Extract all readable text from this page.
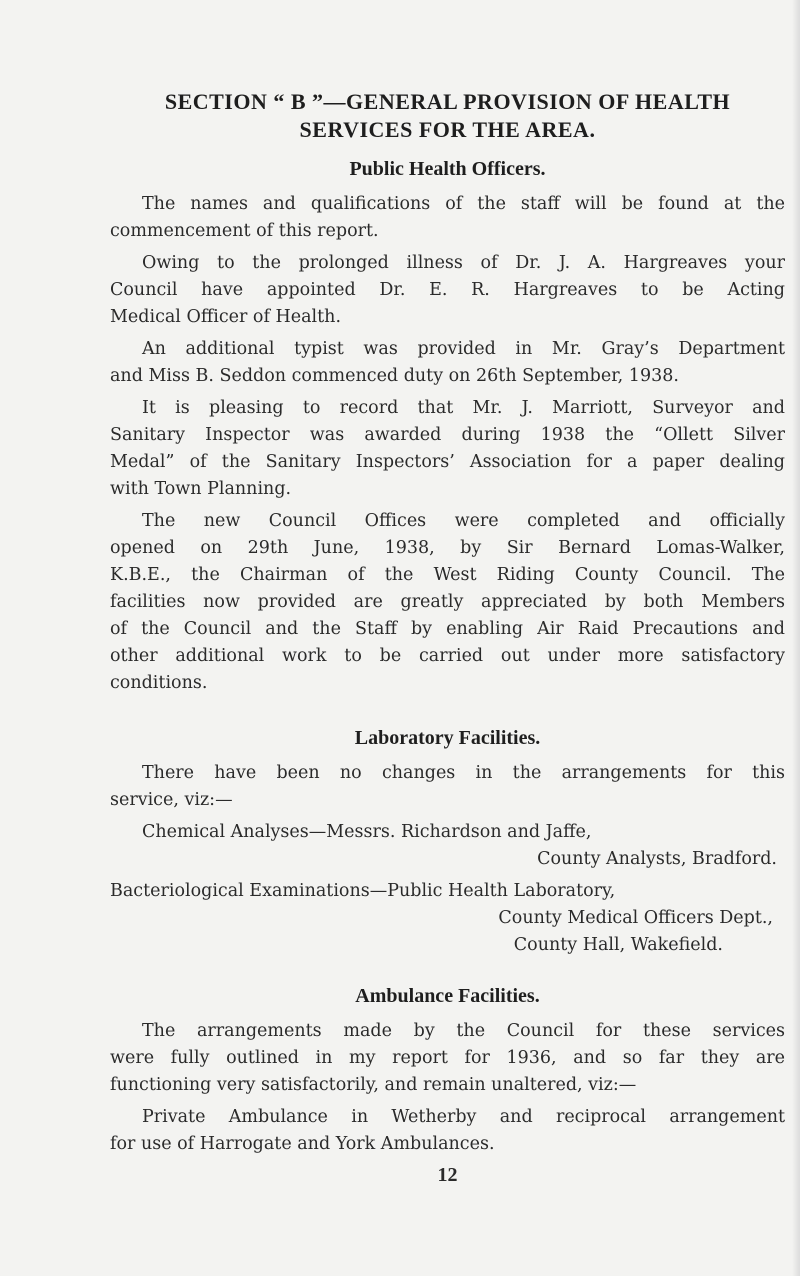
SECTION “ B ”—GENERAL PROVISION OF HEALTH
SERVICES FOR THE AREA.
Public Health Officers.
The names and qualifications of the staff will be found at the
commencement of this report.
Owing to the prolonged illness of Dr. J. A. Hargreaves your
Council have appointed Dr. E. R. Hargreaves to be Acting
Medical Officer of Health.
An additional typist was provided in Mr. Gray’s Department
and Miss B. Seddon commenced duty on 26th September, 1938.
It is pleasing to record that Mr. J. Marriott, Surveyor and
Sanitary Inspector was awarded during 1938 the “Ollett Silver
Medal” of the Sanitary Inspectors’ Association for a paper dealing
with Town Planning.
The new Council Offices were completed and officially
opened on 29th June, 1938, by Sir Bernard Lomas-Walker,
K.B.E., the Chairman of the West Riding County Council. The
facilities now provided are greatly appreciated by both Members
of the Council and the Staff by enabling Air Raid Precautions and
other additional work to be carried out under more satisfactory
conditions.
Laboratory Facilities.
There have been no changes in the arrangements for this
service, viz:—
Chemical Analyses—Messrs. Richardson and Jaffe,
County Analysts, Bradford.
Bacteriological Examinations—Public Health Laboratory,
County Medical Officers Dept.,
County Hall, Wakefield.
Ambulance Facilities.
The arrangements made by the Council for these services
were fully outlined in my report for 1936, and so far they are
functioning very satisfactorily, and remain unaltered, viz:—
Private Ambulance in Wetherby and reciprocal arrangement
for use of Harrogate and York Ambulances.
12
